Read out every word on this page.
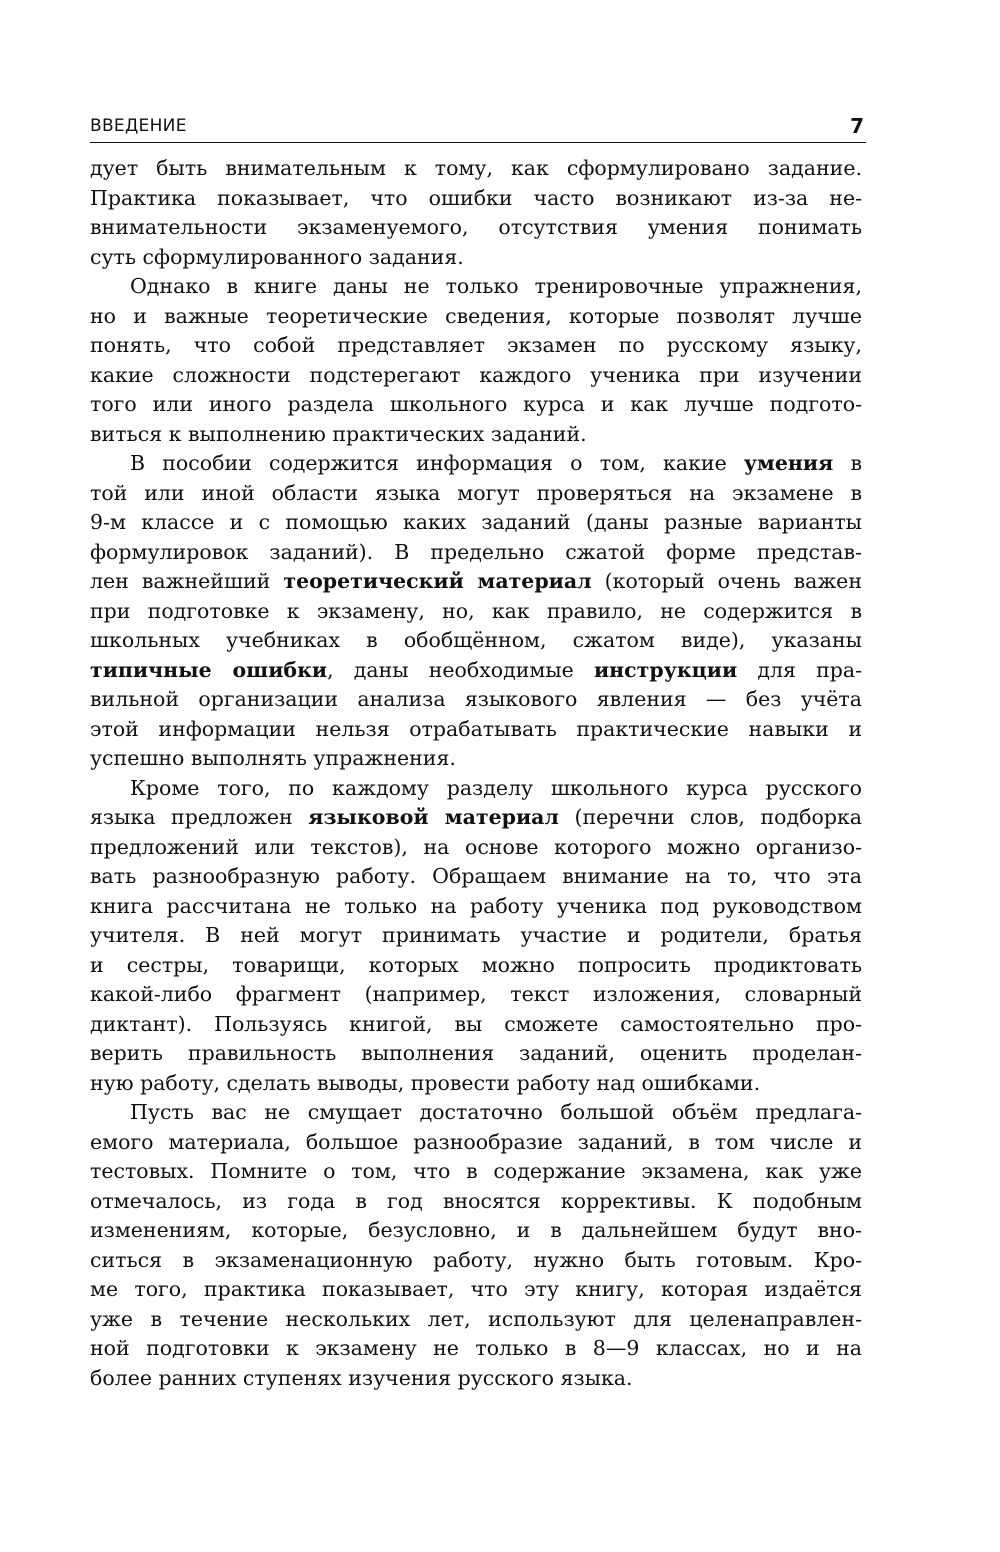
ВВЕДЕНИЕ	7
дует быть внимательным к тому, как сформулировано задание.
Практика показывает, что ошибки часто возникают из-за не-
внимательности экзаменуемого, отсутствия умения понимать
суть сформулированного задания.
Однако в книге даны не только тренировочные упражнения,
но и важные теоретические сведения, которые позволят лучше
понять, что собой представляет экзамен по русскому языку,
какие сложности подстерегают каждого ученика при изучении
того или иного раздела школьного курса и как лучше подгото-
виться к выполнению практических заданий.
В пособии содержится информация о том, какие умения в
той или иной области языка могут проверяться на экзамене в
9-м классе и с помощью каких заданий (даны разные варианты
формулировок заданий). В предельно сжатой форме представ-
лен важнейший теоретический материал (который очень важен
при подготовке к экзамену, но, как правило, не содержится в
школьных учебниках в обобщённом, сжатом виде), указаны
типичные ошибки, даны необходимые инструкции для пра-
вильной организации анализа языкового явления — без учёта
этой информации нельзя отрабатывать практические навыки и
успешно выполнять упражнения.
Кроме того, по каждому разделу школьного курса русского
языка предложен языковой материал (перечни слов, подборка
предложений или текстов), на основе которого можно организо-
вать разнообразную работу. Обращаем внимание на то, что эта
книга рассчитана не только на работу ученика под руководством
учителя. В ней могут принимать участие и родители, братья
и сестры, товарищи, которых можно попросить продиктовать
какой-либо фрагмент (например, текст изложения, словарный
диктант). Пользуясь книгой, вы сможете самостоятельно про-
верить правильность выполнения заданий, оценить проделан-
ную работу, сделать выводы, провести работу над ошибками.
Пусть вас не смущает достаточно большой объём предлагa-
емого материала, большое разнообразие заданий, в том числе и
тестовых. Помните о том, что в содержание экзамена, как уже
отмечалось, из года в год вносятся коррективы. К подобным
изменениям, которые, безусловно, и в дальнейшем будут вно-
ситься в экзаменационную работу, нужно быть готовым. Кро-
ме того, практика показывает, что эту книгу, которая издаётся
уже в течение нескольких лет, используют для целенаправлен-
ной подготовки к экзамену не только в 8—9 классах, но и на
более ранних ступенях изучения русского языка.
